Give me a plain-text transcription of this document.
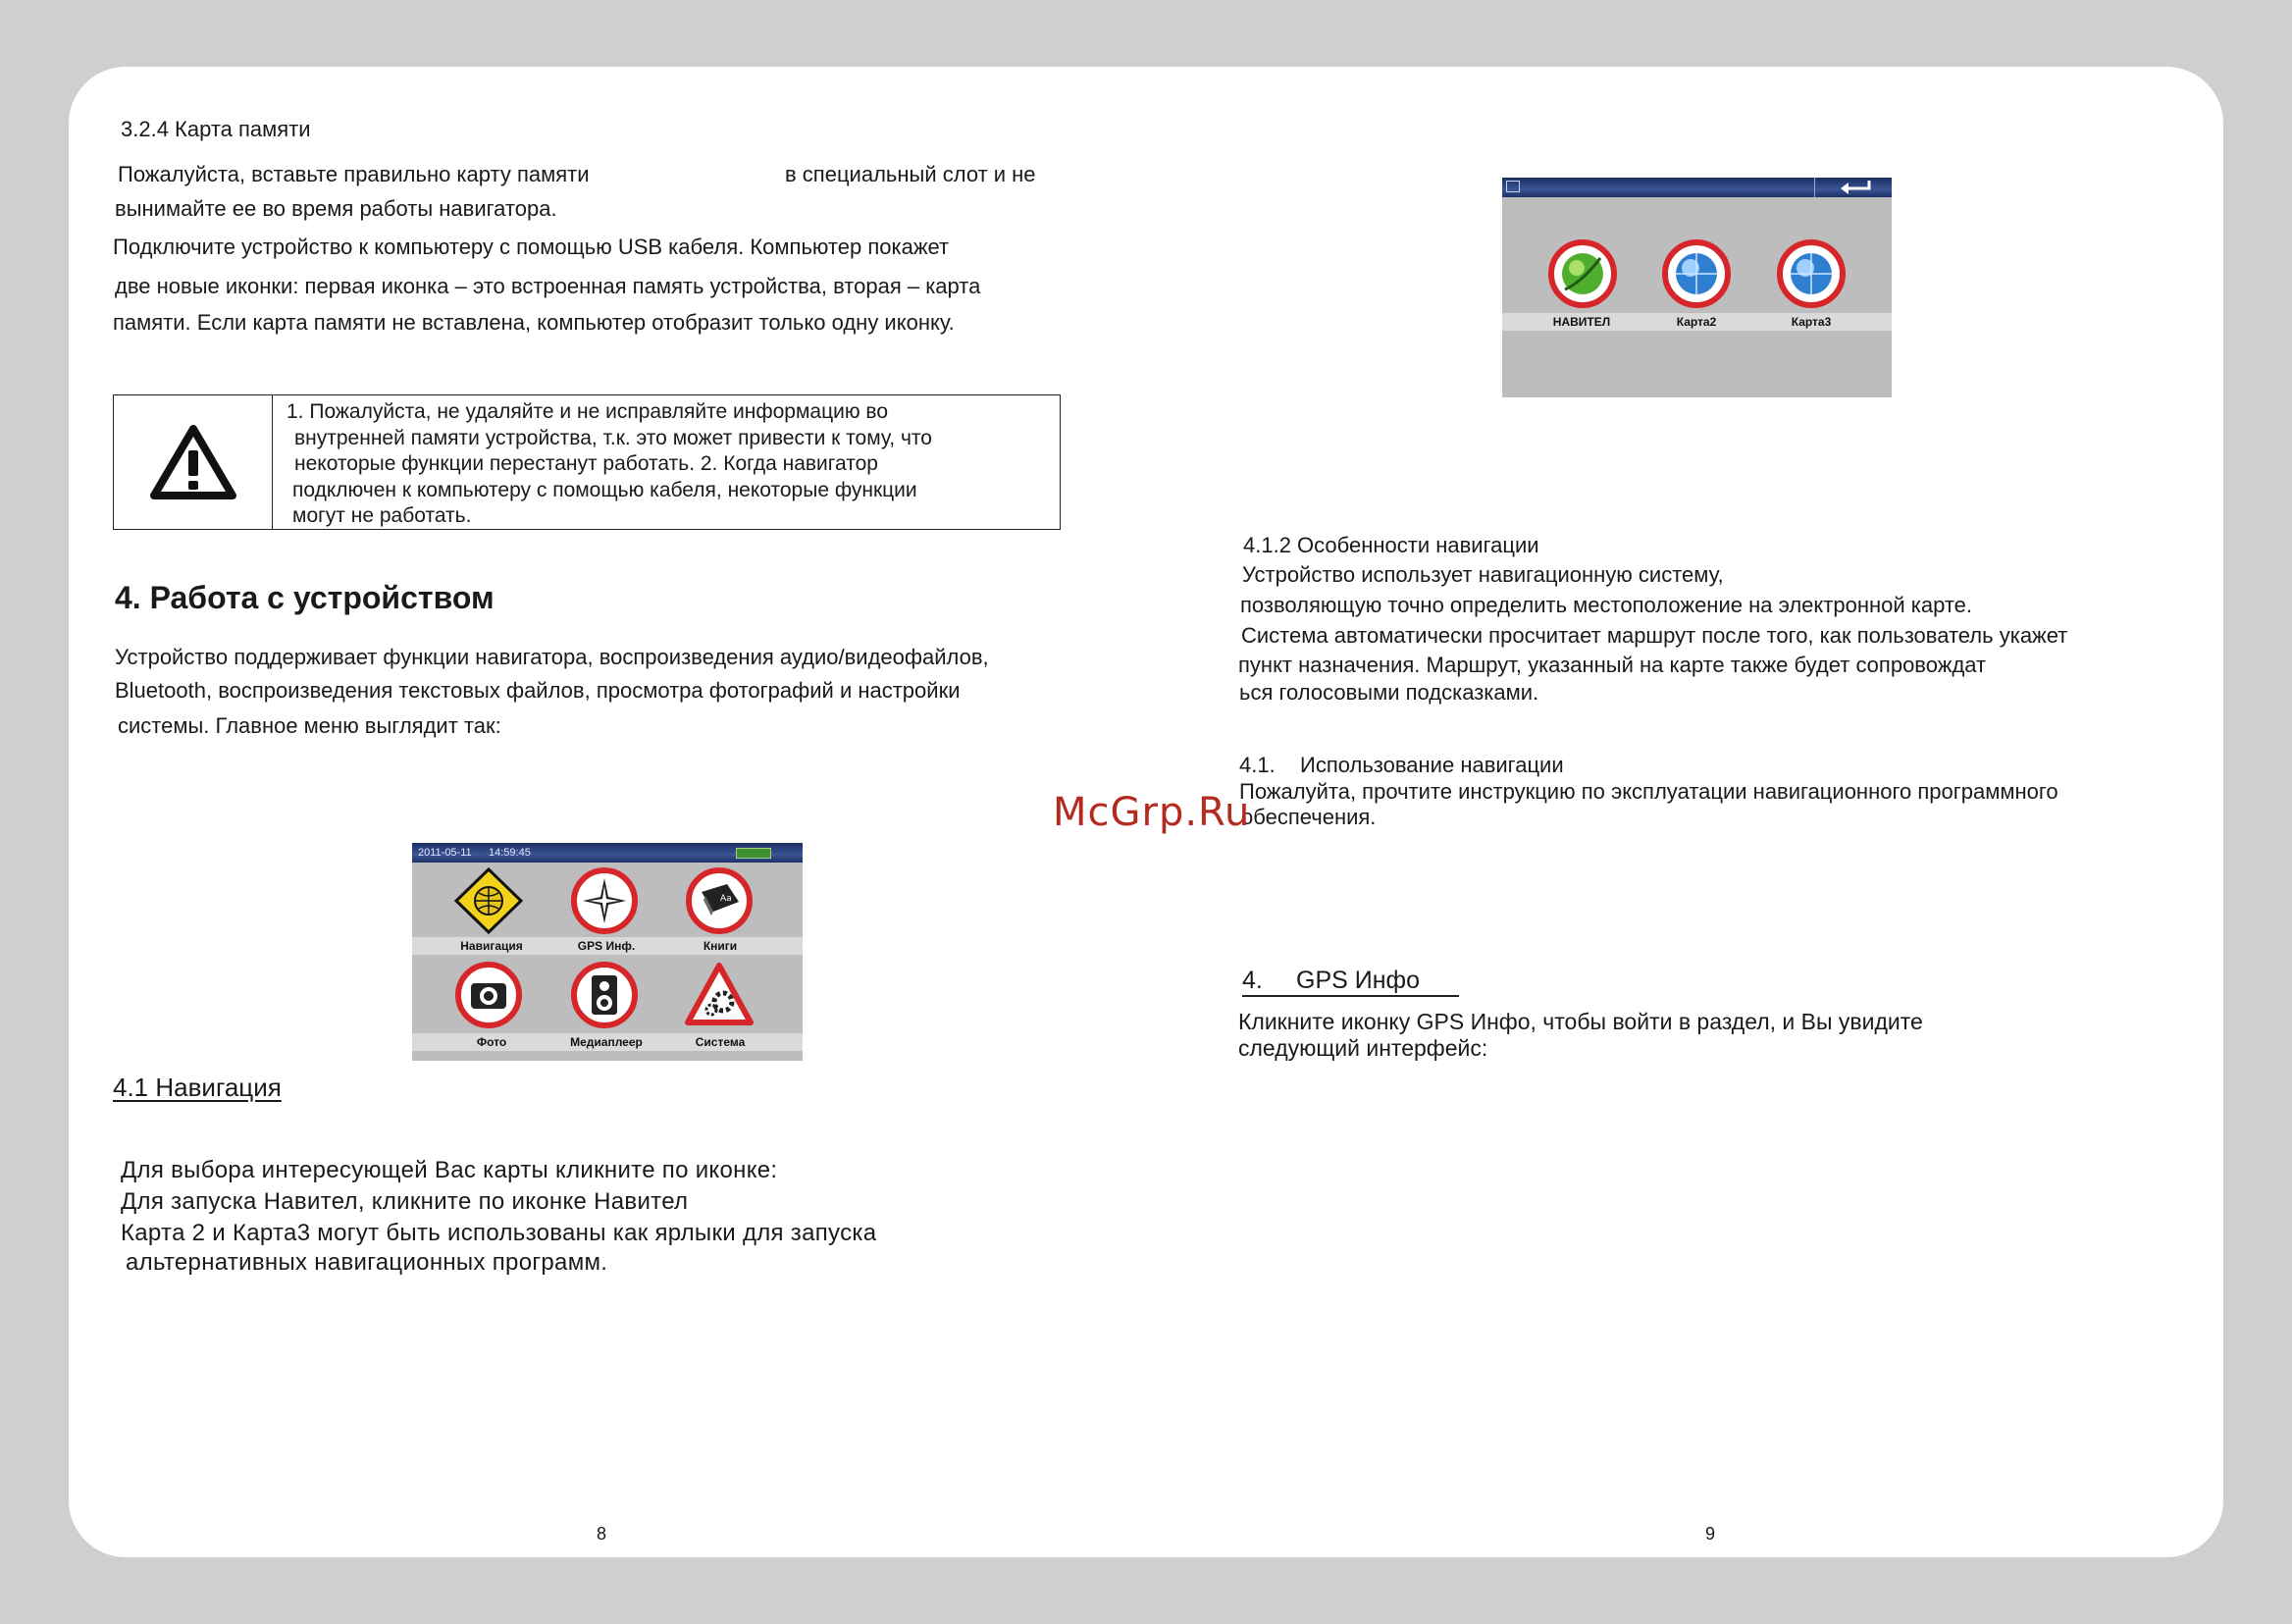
3.2.4 Карта памяти
Пожалуйста, вставьте правильно карту памяти	в специальный слот и не
вынимайте ее во время работы навигатора.
Подключите устройство к компьютеру с помощью USB кабеля. Компьютер покажет
две новые иконки: первая иконка – это встроенная память устройства, вторая – карта
памяти. Если карта памяти не вставлена, компьютер отобразит только одну иконку.
1. Пожалуйста, не удаляйте и не исправляйте информацию во
внутренней памяти устройства, т.к. это может привести к тому, что
некоторые функции перестанут работать. 2. Когда навигатор
подключен к компьютеру с помощью кабеля, некоторые функции
могут не работать.
4. Работа с устройством
Устройство поддерживает функции навигатора, воспроизведения аудио/видеофайлов,
Bluetooth, воспроизведения текстовых файлов, просмотра фотографий и настройки
системы. Главное меню выглядит так:
2011-05-11 14:59:45
Aa
Навигация	GPS Инф.	Книги
Фото	Медиаплеер	Система
4.1 Навигация
Для выбора интересующей Вас карты кликните по иконке:
Для запуска Навител, кликните по иконке Навител
Карта 2 и Карта3 могут быть использованы как ярлыки для запуска
альтернативных навигационных программ.
8
НАВИТЕЛ	Карта2	Карта3
4.1.2 Особенности навигации
Устройство использует навигационную систему,
позволяющую точно определить местоположение на электронной карте.
Система автоматически просчитает маршрут после того, как пользователь укажет
пункт назначения. Маршрут, указанный на карте также будет сопровождат
ься голосовыми подсказками.
4.1. Использование навигации
Пожалуйта, прочтите инструкцию по эксплуатации навигационного программного
обеспечения.
4. GPS Инфо
Кликните иконку GPS Инфо, чтобы войти в раздел, и Вы увидите
следующий интерфейс:
9
McGrp.Ru
